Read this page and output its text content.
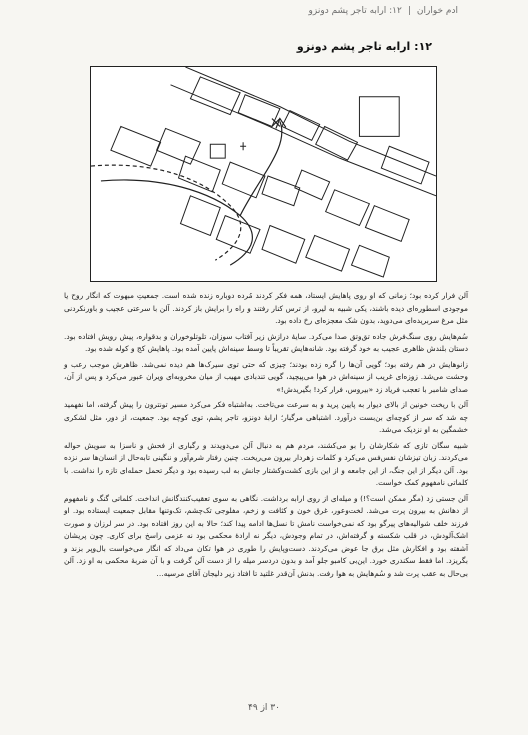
ادم خواران|۱۲: ارابه تاجر پشم دونزو
۱۲: ارابه تاجر پشم دونزو

آلن فرار کرده بود؛ زمانی که او روی پاهایش ایستاد، همه فکر کردند مُرده دوباره زنده شده است. جمعیتِ مبهوت که انگار روح یا موجودی اسطوره‌ای دیده باشند، یکی شبیه به لیرو، از ترس کنار رفتند و راه را برایش باز کردند. آلن با سرعتی عجیب و باورنکردنی مثل مرغ سربریده‌ای می‌دوید، بدون شک معجزه‌ای رخ داده بود.

سُم‌هایش روی سنگ‌فرش جاده تق‌وتق صدا می‌کرد. سایهٔ درازش زیر آفتاب سوزان، تلوتلوخوران و بدقواره، پیش رویش افتاده بود. دستان بلندش ظاهری عجیب به خود گرفته بود. شانه‌هایش تقریباً تا وسط سینه‌اش پایین آمده بود. پاهایش کج و کوله شده بود.

زانوهایش در هم رفته بود؛ گویی آن‌ها را گره زده بودند؛ چیزی که حتی توی سیرک‌ها هم دیده نمی‌شد. ظاهرش موجب رعب و وحشت می‌شد. زوزه‌ای غریب از سینه‌اش در هوا می‌پیچید، گویی تندبادی مهیب از میان مخروبه‌ای ویران عبور می‌کرد و پس از آن، صدای شامبر با تعجب فریاد زد «بیروس، فرار کرد! بگیریدش!»

آلن با ریخت خونین از بالای دیوار به پایین پرید و به سرعت می‌تاخت. به‌اشتباه فکر می‌کرد مسیر تونترون را پیش گرفته، اما نفهمید چه شد که سر از کوچه‌ای بن‌بست درآورد. اشتباهی مرگبار؛ ارابهٔ دونزو، تاجر پشم، توی کوچه بود. جمعیت، از دور، مثل لشکری خشمگین به او نزدیک می‌شد.

شبیه سگان تازی که شکارشان را بو می‌کشند، مردم هم به دنبال آلن می‌دویدند و رگباری از فحش و ناسزا به سویش حواله می‌کردند. زبان تیزشان نفس‌فس می‌کرد و کلمات زهردار بیرون می‌ریخت. چنین رفتار شرم‌آور و ننگینی تابه‌حال از انسان‌ها سر نزده بود. آلن دیگر از این جنگ، از این جامعه و از این بازی کشت‌وکشتار جانش به لب رسیده بود و دیگر تحمل حمله‌ای تازه را نداشت. با کلماتی نامفهوم کمک خواست.

آلن جستی زد (مگر ممکن است؟!) و میله‌ای از روی ارابه برداشت. نگاهی به سوی تعقیب‌کنندگانش انداخت. کلماتی گنگ و نامفهوم از دهانش به بیرون پرت می‌شد. لخت‌وعور، غرق خون و کثافت و زخم، مفلوجی تک‌چشم، تک‌وتنها مقابل جمعیت ایستاده بود. او فرزند خلف شوالیه‌های پیرگو بود که نمی‌خواست نامش تا نسل‌ها ادامه پیدا کند؛ حالا به این روز افتاده بود. در سر لرزان و صورت اشک‌آلودش، در قلب شکسته و گرفته‌اش، در تمام وجودش، دیگر نه ارادهٔ محکمی بود نه عزمی راسخ برای کاری. چون پریشان آشفته بود و افکارش مثل برق جا عوض می‌کردند. دست‌وپایش را طوری در هوا تکان می‌داد که انگار می‌خواست بال‌وپر بزند و بگریزد. اما فقط سکندری خورد. این‌بی کامبو جلو آمد و بدون دردسر میله را از دست آلن گرفت و با آن ضربهٔ محکمی به او زد. آلن بی‌حال به عقب پرت شد و سُم‌هایش به هوا رفت. بدنش آن‌قدر غلتید تا افتاد زیر دلیجان آقای مرسیه…

۳۰ از ۴۹
